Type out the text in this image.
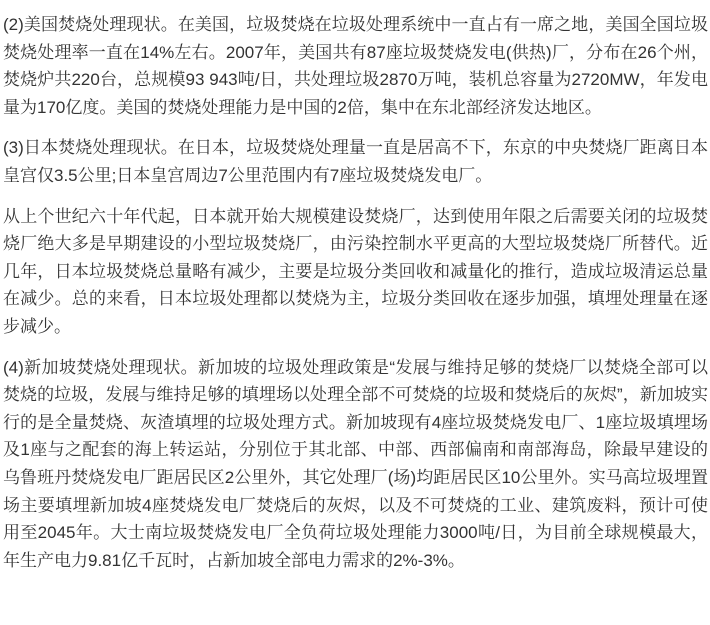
(2)美国焚烧处理现状。在美国，垃圾焚烧在垃圾处理系统中一直占有一席之地，美国全国垃圾焚烧处理率一直在14%左右。2007年，美国共有87座垃圾焚烧发电(供热)厂，分布在26个州，焚烧炉共220台，总规模93 943吨/日，共处理垃圾2870万吨，装机总容量为2720MW，年发电量为170亿度。美国的焚烧处理能力是中国的2倍，集中在东北部经济发达地区。

(3)日本焚烧处理现状。在日本，垃圾焚烧处理量一直是居高不下，东京的中央焚烧厂距离日本皇宫仅3.5公里;日本皇宫周边7公里范围内有7座垃圾焚烧发电厂。

从上个世纪六十年代起，日本就开始大规模建设焚烧厂，达到使用年限之后需要关闭的垃圾焚烧厂绝大多是早期建设的小型垃圾焚烧厂，由污染控制水平更高的大型垃圾焚烧厂所替代。近几年，日本垃圾焚烧总量略有减少，主要是垃圾分类回收和减量化的推行，造成垃圾清运总量在减少。总的来看，日本垃圾处理都以焚烧为主，垃圾分类回收在逐步加强，填埋处理量在逐步减少。

(4)新加坡焚烧处理现状。新加坡的垃圾处理政策是“发展与维持足够的焚烧厂以焚烧全部可以焚烧的垃圾，发展与维持足够的填埋场以处理全部不可焚烧的垃圾和焚烧后的灰烬”，新加坡实行的是全量焚烧、灰渣填埋的垃圾处理方式。新加坡现有4座垃圾焚烧发电厂、1座垃圾填埋场及1座与之配套的海上转运站，分别位于其北部、中部、西部偏南和南部海岛，除最早建设的乌鲁班丹焚烧发电厂距居民区2公里外，其它处理厂(场)均距居民区10公里外。实马高垃圾埋置场主要填埋新加坡4座焚烧发电厂焚烧后的灰烬，以及不可焚烧的工业、建筑废料，预计可使用至2045年。大士南垃圾焚烧发电厂全负荷垃圾处理能力3000吨/日，为目前全球规模最大，年生产电力9.81亿千瓦时，占新加坡全部电力需求的2%-3%。
